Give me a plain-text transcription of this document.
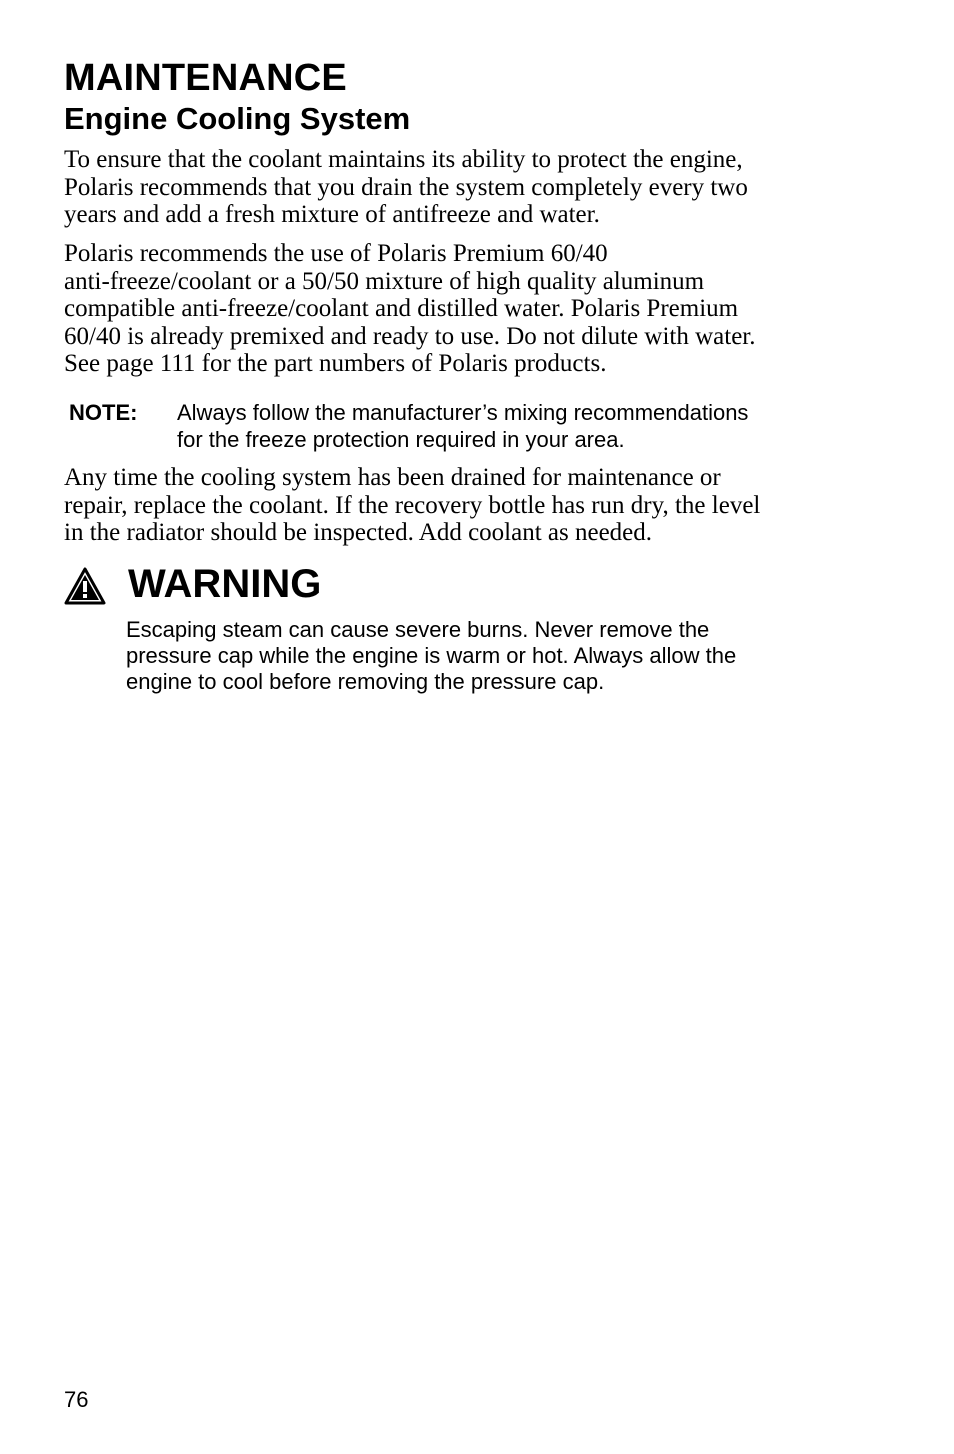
MAINTENANCE
Engine Cooling System

To ensure that the coolant maintains its ability to protect the engine,
Polaris recommends that you drain the system completely every two
years and add a fresh mixture of antifreeze and water.

Polaris recommends the use of Polaris Premium 60/40
anti-freeze/coolant or a 50/50 mixture of high quality aluminum
compatible anti-freeze/coolant and distilled water. Polaris Premium
60/40 is already premixed and ready to use. Do not dilute with water.
See page 111 for the part numbers of Polaris products.

NOTE: Always follow the manufacturer’s mixing recommendations
for the freeze protection required in your area.

Any time the cooling system has been drained for maintenance or
repair, replace the coolant. If the recovery bottle has run dry, the level
in the radiator should be inspected. Add coolant as needed.

WARNING

Escaping steam can cause severe burns. Never remove the
pressure cap while the engine is warm or hot. Always allow the
engine to cool before removing the pressure cap.

76
